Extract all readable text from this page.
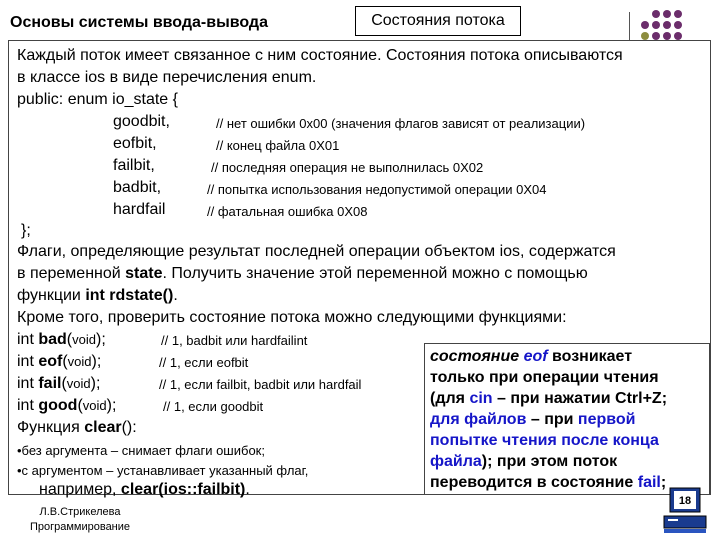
Основы системы ввода-вывода	Состояния потока
Каждый поток имеет связанное с ним состояние. Состояния потока описываются
в классе ios в виде перечисления enum.
public: enum io_state {
goodbit,	// нет ошибки 0x00 (значения флагов зависят от реализации)
eofbit,	// конец файла 0X01
failbit,	// последняя операция не выполнилась 0X02
badbit,	// попытка использования недопустимой операции 0X04
hardfail	// фатальная ошибка 0X08
};
Флаги, определяющие результат последней операции объектом ios, содержатся
в переменной state. Получить значение этой переменной можно с помощью
функции int rdstate().
Кроме того, проверить состояние потока можно следующими функциями:
int bad(void);	// 1, badbit или hardfailint
int eof(void);	// 1, если eofbit
int fail(void);	// 1, если failbit, badbit или hardfail
int good(void);	// 1, если goodbit
Функция clear():
•без аргумента – снимает флаги ошибок;
•с аргументом – устанавливает указанный флаг,
например, clear(ios::failbit).
состояние eof возникает
только при операции чтения
(для cin – при нажатии Ctrl+Z;
для файлов – при первой
попытке чтения после конца
файла); при этом поток
переводится в состояние fail;
Л.В.Стрикелева
Программирование
18
